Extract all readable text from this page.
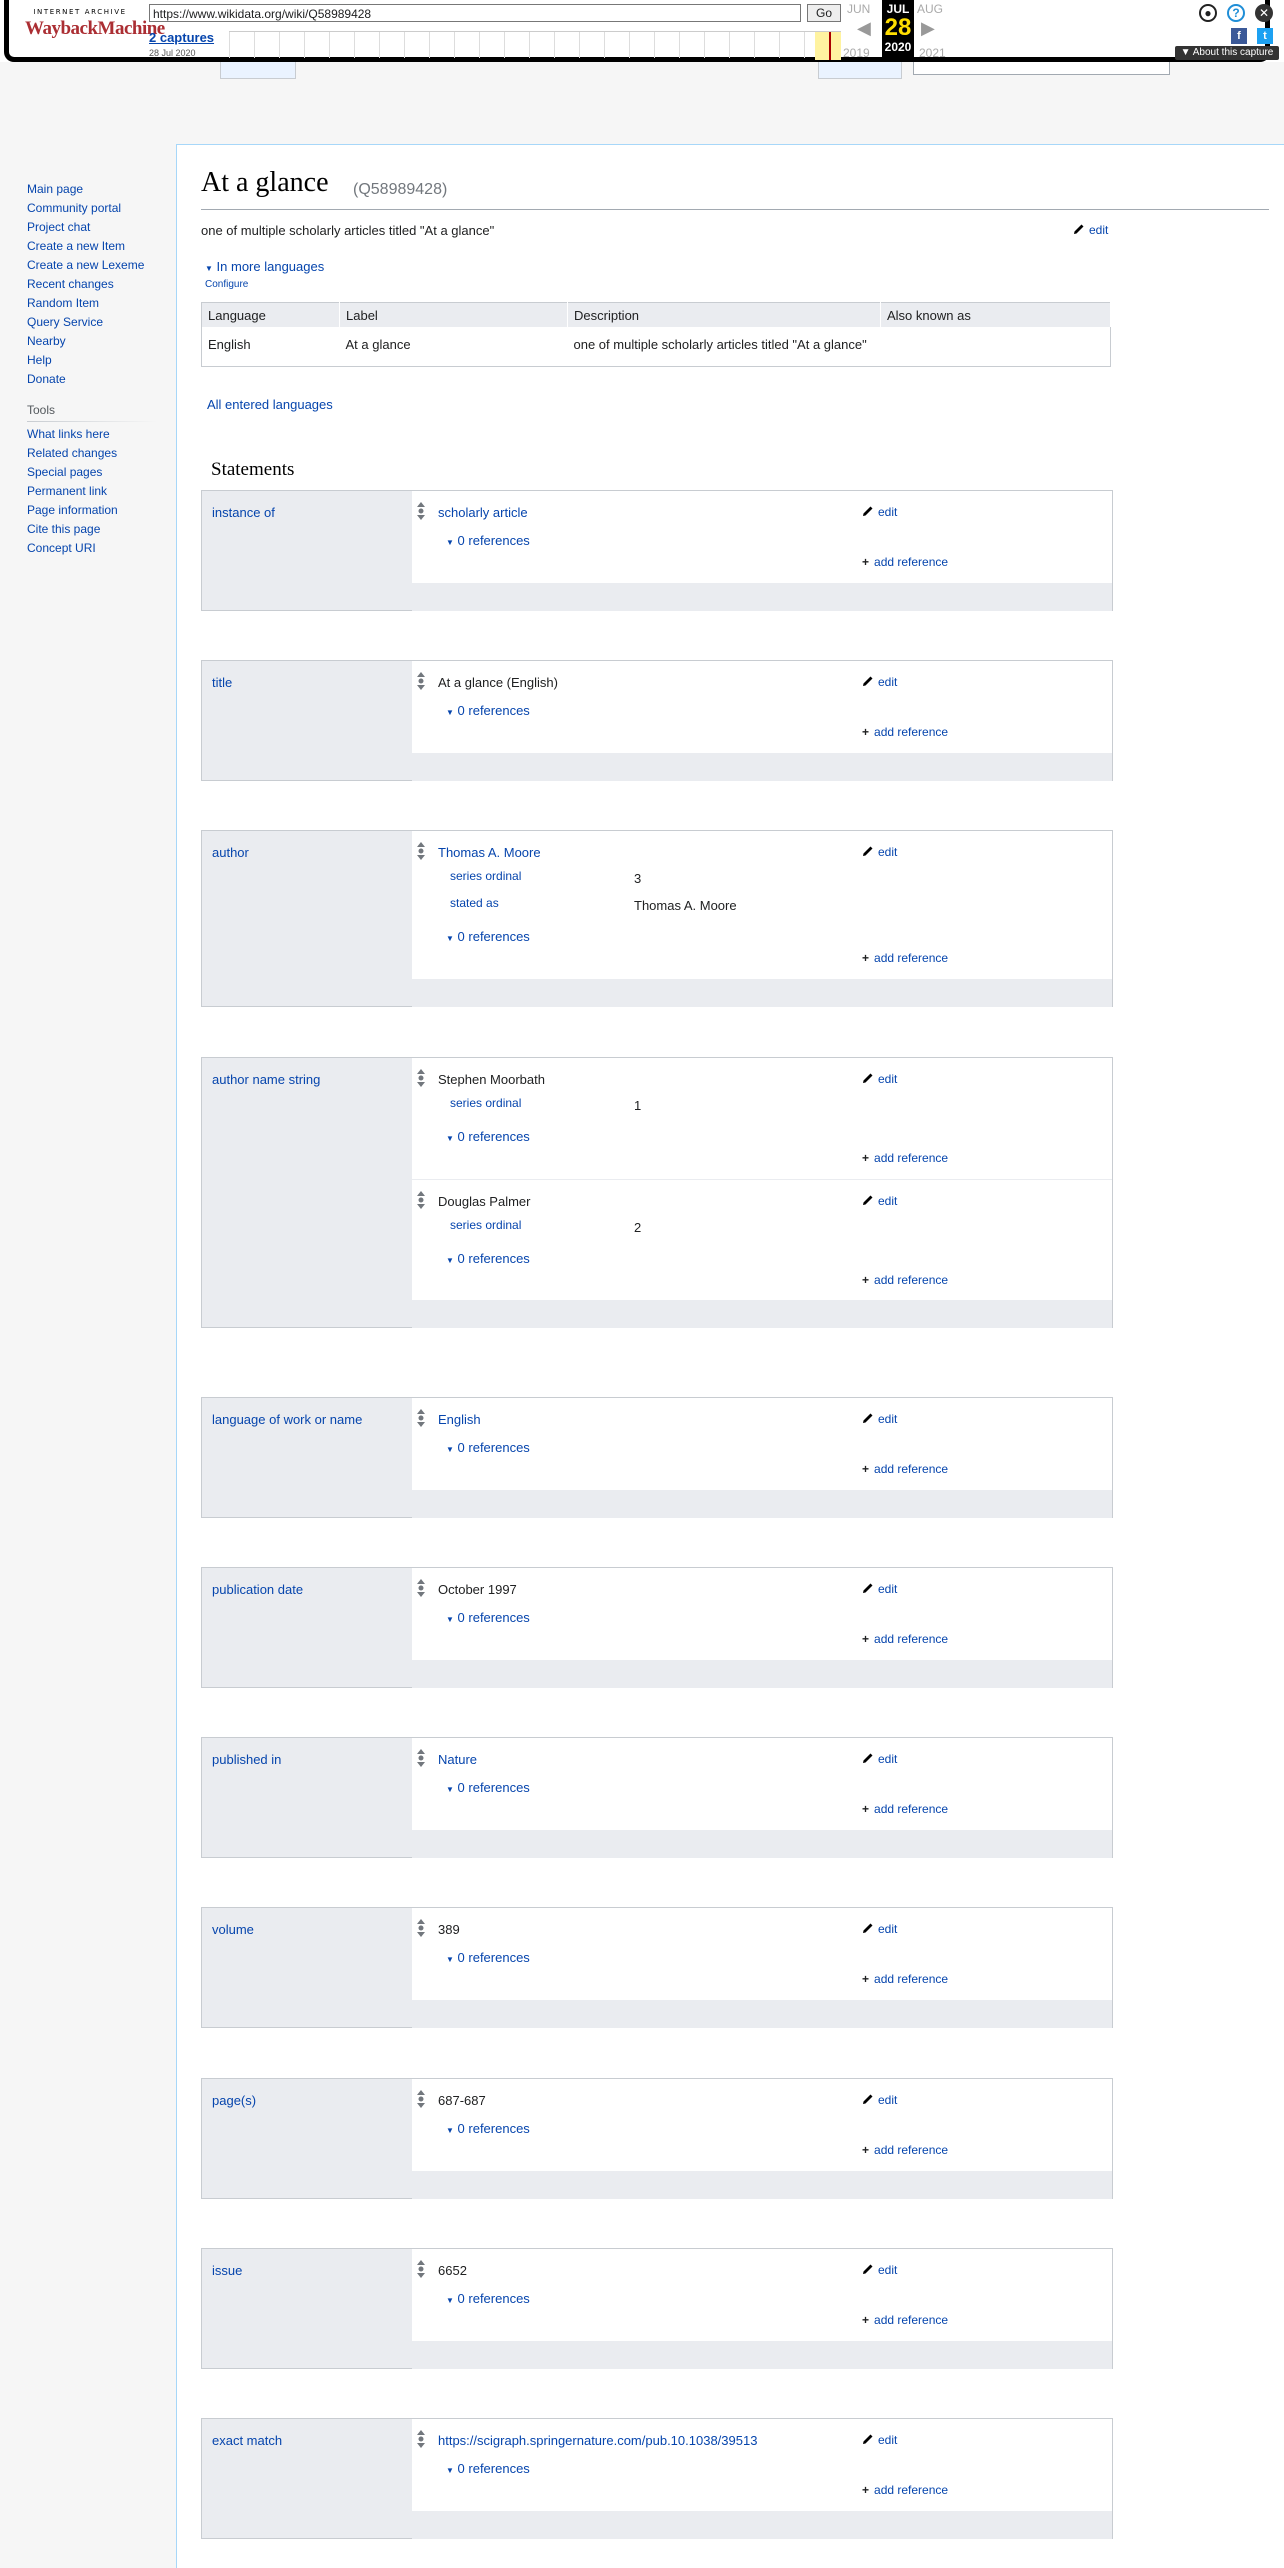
INTERNET ARCHIVE
WaybackMachine
https://www.wikidata.org/wiki/Q58989428	Go
2 captures
28 Jul 2020
JUN	AUG
◀	▶
JUL
28
2020
2019	2021
●	?	✕
f	t
▼ About this capture
Main page
Community portal
Project chat
Create a new Item
Create a new Lexeme
Recent changes
Random Item
Query Service
Nearby
Help
Donate
Tools
What links here
Related changes
Special pages
Permanent link
Page information
Cite this page
Concept URI
At a glance (Q58989428)
one of multiple scholarly articles titled "At a glance"	edit
▼ In more languages
Configure
Language	Label	Description	Also known as
English	At a glance	one of multiple scholarly articles titled "At a glance"	
All entered languages
Statements
instance of	scholarly article	edit
▼ 0 references
+ add reference
title	At a glance (English)	edit
▼ 0 references
+ add reference
author	Thomas A. Moore	edit
series ordinal	3
stated as	Thomas A. Moore
▼ 0 references
+ add reference
author name string	Stephen Moorbath	edit
series ordinal	1
▼ 0 references
+ add reference
Douglas Palmer	edit
series ordinal	2
▼ 0 references
+ add reference
language of work or name	English	edit
▼ 0 references
+ add reference
publication date	October 1997	edit
▼ 0 references
+ add reference
published in	Nature	edit
▼ 0 references
+ add reference
volume	389	edit
▼ 0 references
+ add reference
page(s)	687-687	edit
▼ 0 references
+ add reference
issue	6652	edit
▼ 0 references
+ add reference
exact match	https://scigraph.springernature.com/pub.10.1038/39513	edit
▼ 0 references
+ add reference
